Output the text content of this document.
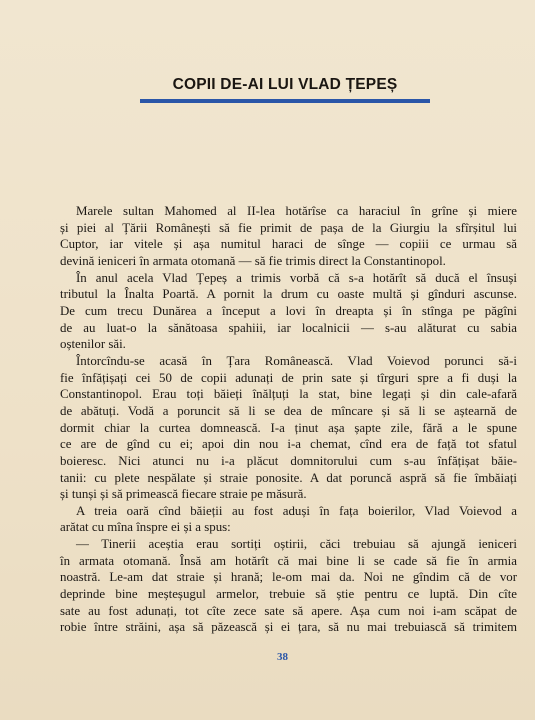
COPII DE-AI LUI VLAD ȚEPEȘ
Marele sultan Mahomed al II-lea hotărîse ca haraciul în grîne și miere
și piei al Țării Românești să fie primit de pașa de la Giurgiu la sfîrșitul lui
Cuptor, iar vitele și așa numitul haraci de sînge — copiii ce urmau să
devină ieniceri în armata otomană — să fie trimis direct la Constantinopol.
În anul acela Vlad Țepeș a trimis vorbă că s-a hotărît să ducă el însuși
tributul la Înalta Poartă. A pornit la drum cu oaste multă și gînduri ascunse.
De cum trecu Dunărea a început a lovi în dreapta și în stînga pe păgîni
de au luat-o la sănătoasa spahiii, iar localnicii — s-au alăturat cu sabia
oștenilor săi.
Întorcîndu-se acasă în Țara Românească. Vlad Voievod porunci să-i
fie înfățișați cei 50 de copii adunați de prin sate și tîrguri spre a fi duși la
Constantinopol. Erau toți băieți înălțuți la stat, bine legați și din cale-afară
de abătuți. Vodă a poruncit să li se dea de mîncare și să li se aștearnă de
dormit chiar la curtea domnească. I-a ținut așa șapte zile, fără a le spune
ce are de gînd cu ei; apoi din nou i-a chemat, cînd era de față tot sfatul
boieresc. Nici atunci nu i-a plăcut domnitorului cum s-au înfățișat băie-
tanii: cu plete nespălate și straie ponosite. A dat poruncă aspră să fie îmbăiați
și tunși și să primească fiecare straie pe măsură.
A treia oară cînd băieții au fost aduși în fața boierilor, Vlad Voievod a
arătat cu mîna înspre ei și a spus:
— Tinerii aceștia erau sortiți oștirii, căci trebuiau să ajungă ieniceri
în armata otomană. Însă am hotărît că mai bine li se cade să fie în armia
noastră. Le-am dat straie și hrană; le-om mai da. Noi ne gîndim că de vor
deprinde bine meșteșugul armelor, trebuie să știe pentru ce luptă. Din cîte
sate au fost adunați, tot cîte zece sate să apere. Așa cum noi i-am scăpat de
robie între străini, așa să păzească și ei țara, să nu mai trebuiască să trimitem
38
